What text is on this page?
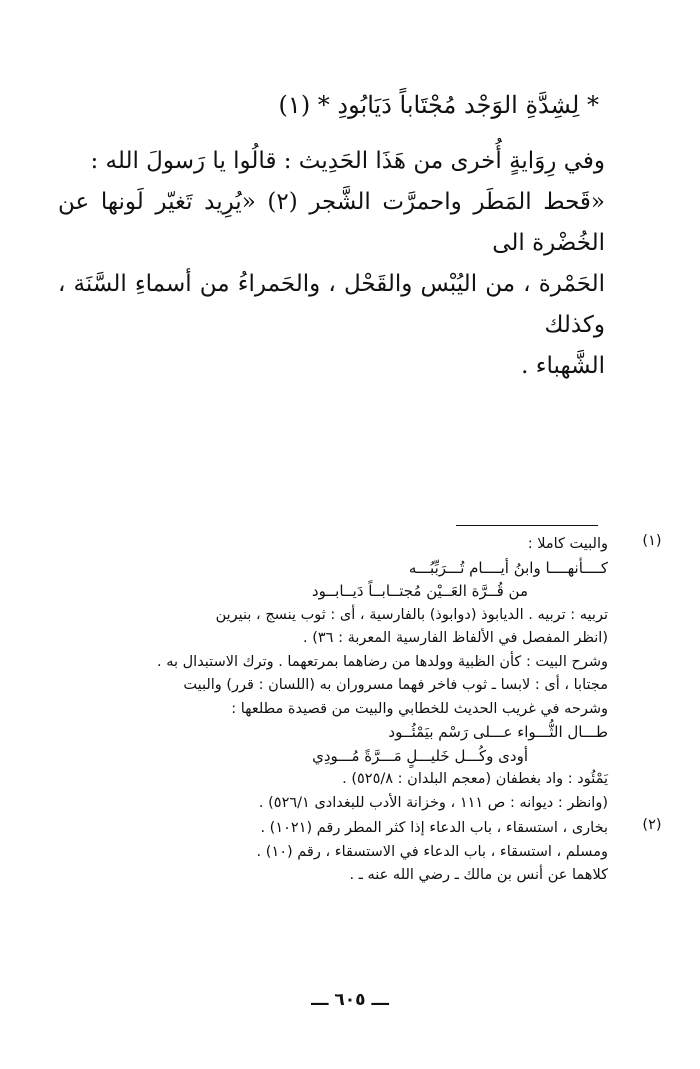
* لِشِدَّةِ الوَجْد مُجْتَاباً دَيَابُودِ * (١)

وفي رِوَايةٍ أُخرى من هَذَا الحَدِيث : قالُوا يا رَسولَ الله :

«قَحط المَطَر واحمرَّت الشَّجر (٢) «يُرِيد تَغيّر لَونها عن الخُضْرة الى

الحَمْرة ، من اليُبْس والقَحْل ، والحَمراءُ من أسماءِ السَّنَة ، وكذلك

الشَّهباء .

(١)
والبيت كاملا :
كــــأنهــــا وابنُ أيــــام تُـــرَبِّبُـــه
من قُــرَّة العَــيْن مُجتــابــاً دَيــابــود
تربيه : تربيه . الديابوذ (دوابوذ) بالفارسية ، أى : ثوب ينسج ، بنيرين
(انظر المفصل في الألفاظ الفارسية المعربة : ٣٦) .
وشرح البيت : كأن الظبية وولدها من رضاهما بمرتعهما . وترك الاستبدال به .
مجتابا ، أى : لابسا ـ ثوب فاخر فهما مسروران به (اللسان : قرر) والبيت
وشرحه في غريب الحديث للخطابي والبيت من قصيدة مطلعها :
طـــال الثُّـــواء عـــلى رَسْم بيَمْئُــود
أودى وكُـــل خَليـــلٍ مَـــرَّةً مُـــودِي
يَمْئُود : واد بغطفان (معجم البلدان : ٥٢٥/٨) .
(وانظر : ديوانه : ص ١١١ ، وخزانة الأدب للبغدادى ٥٢٦/١) .
(٢)
بخارى ، استسقاء ، باب الدعاء إذا كثر المطر رقم (١٠٢١) .
ومسلم ، استسقاء ، باب الدعاء في الاستسقاء ، رقم (١٠) .
كلاهما عن أنس بن مالك ـ رضي الله عنه ـ .
ـــ ٦٠٥ ـــ
